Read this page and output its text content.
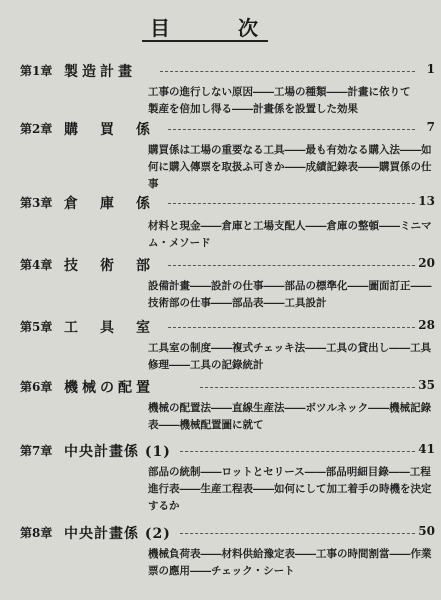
目	次
第1章 製造計畫	1
工事の進行しない原因――工場の種類――計畫に依りて製産を倍加し得る――計畫係を設置した効果
第2章 購　買　係	7
購買係は工場の重要なる工具――最も有効なる購入法――如何に購入傳票を取扱ふ可きか――成績記錄表――購買係の仕事
第3章 倉　庫　係	13
材料と現金――倉庫と工場支配人――倉庫の整頓――ミニマム・メソード
第4章 技　術　部	20
設備計畫――設計の仕事――部品の標準化――圖面訂正――技術部の仕事――部品表――工具設計
第5章 工　具　室	28
工具室の制度――複式チェッキ法――工具の貸出し――工具修理――工具の記錄統計
第6章 機械の配置	35
機械の配置法――直線生産法――ボツルネック――機械記錄表――機械配置圖に就て
第7章 中央計畫係 (1)	41
部品の統制――ロットとセリース――部品明細目錄――工程進行表――生産工程表――如何にして加工着手の時機を決定するか
第8章 中央計畫係 (2)	50
機械負荷表――材料供給豫定表――工事の時間割當――作業票の應用――チェック・シート
